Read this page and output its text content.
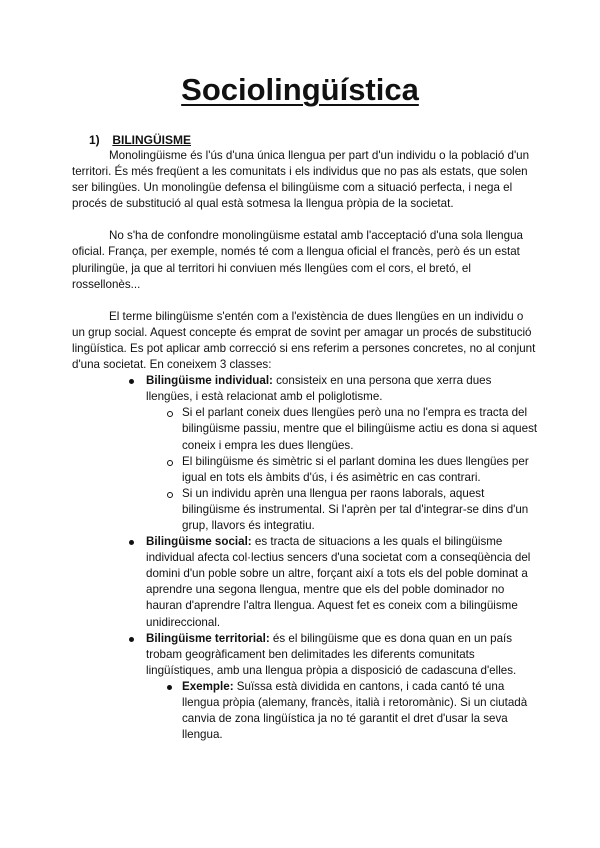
Sociolingüística
1) BILINGÜISME

Monolingüisme és l'ús d'una única llengua per part d'un individu o la població d'un territori. És més freqüent a les comunitats i els individus que no pas als estats, que solen ser bilingües. Un monolingüe defensa el bilingüisme com a situació perfecta, i nega el procés de substitució al qual està sotmesa la llengua pròpia de la societat.

No s'ha de confondre monolingüisme estatal amb l'acceptació d'una sola llengua oficial. França, per exemple, només té com a llengua oficial el francès, però és un estat plurilingüe, ja que al territori hi conviuen més llengües com el cors, el bretó, el rossellonès...

El terme bilingüisme s'entén com a l'existència de dues llengües en un individu o un grup social. Aquest concepte és emprat de sovint per amagar un procés de substitució lingüística. Es pot aplicar amb correcció si ens referim a persones concretes, no al conjunt d'una societat. En coneixem 3 classes:

Bilingüisme individual: consisteix en una persona que xerra dues llengües, i està relacionat amb el poliglotisme.
Si el parlant coneix dues llengües però una no l'empra es tracta del bilingüisme passiu, mentre que el bilingüisme actiu es dona si aquest coneix i empra les dues llengües.
El bilingüisme és simètric si el parlant domina les dues llengües per igual en tots els àmbits d'ús, i és asimètric en cas contrari.
Si un individu aprèn una llengua per raons laborals, aquest bilingüisme és instrumental. Si l'aprèn per tal d'integrar-se dins d'un grup, llavors és integratiu.
Bilingüisme social: es tracta de situacions a les quals el bilingüisme individual afecta col·lectius sencers d'una societat com a conseqüència del domini d'un poble sobre un altre, forçant així a tots els del poble dominat a aprendre una segona llengua, mentre que els del poble dominador no hauran d'aprendre l'altra llengua. Aquest fet es coneix com a bilingüisme unidireccional.
Bilingüisme territorial: és el bilingüisme que es dona quan en un país trobam geogràficament ben delimitades les diferents comunitats lingüístiques, amb una llengua pròpia a disposició de cadascuna d'elles.
Exemple: Suïssa està dividida en cantons, i cada cantó té una llengua pròpia (alemany, francès, italià i retoromànic). Si un ciutadà canvia de zona lingüística ja no té garantit el dret d'usar la seva llengua.
